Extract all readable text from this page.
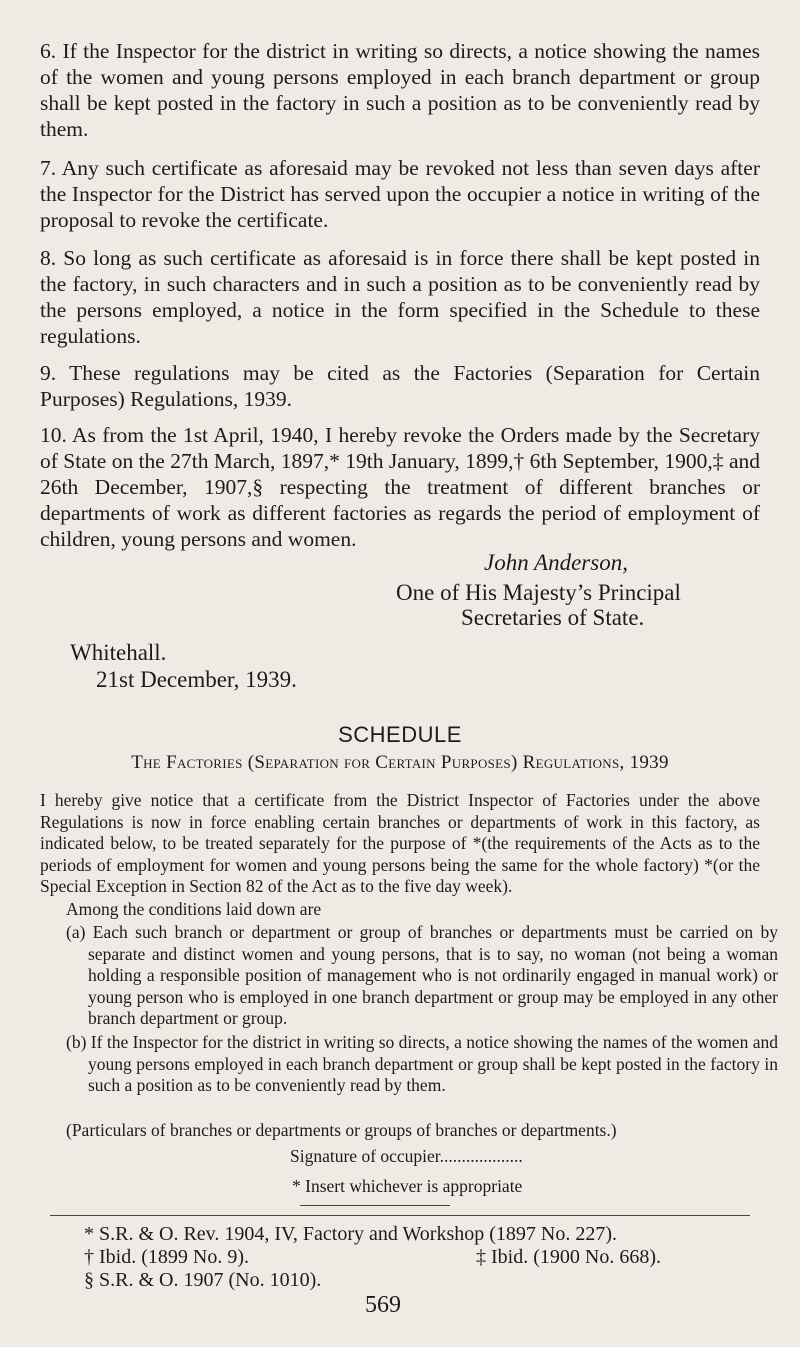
6. If the Inspector for the district in writing so directs, a notice showing the names of the women and young persons employed in each branch department or group shall be kept posted in the factory in such a position as to be conveniently read by them.

7. Any such certificate as aforesaid may be revoked not less than seven days after the Inspector for the District has served upon the occupier a notice in writing of the proposal to revoke the certificate.

8. So long as such certificate as aforesaid is in force there shall be kept posted in the factory, in such characters and in such a position as to be conveniently read by the persons employed, a notice in the form specified in the Schedule to these regulations.

9. These regulations may be cited as the Factories (Separation for Certain Purposes) Regulations, 1939.

10. As from the 1st April, 1940, I hereby revoke the Orders made by the Secretary of State on the 27th March, 1897,* 19th January, 1899,† 6th September, 1900,‡ and 26th December, 1907,§ respecting the treatment of different branches or departments of work as different factories as regards the period of employment of children, young persons and women.

John Anderson,
One of His Majesty’s Principal
Secretaries of State.
Whitehall.
21st December, 1939.
SCHEDULE
The Factories (Separation for Certain Purposes) Regulations, 1939

I hereby give notice that a certificate from the District Inspector of Factories under the above Regulations is now in force enabling certain branches or departments of work in this factory, as indicated below, to be treated separately for the purpose of *(the requirements of the Acts as to the periods of employment for women and young persons being the same for the whole factory) *(or the Special Exception in Section 82 of the Act as to the five day week).

Among the conditions laid down are

(a) Each such branch or department or group of branches or departments must be carried on by separate and distinct women and young persons, that is to say, no woman (not being a woman holding a responsible position of management who is not ordinarily engaged in manual work) or young person who is employed in one branch department or group may be employed in any other branch department or group.

(b) If the Inspector for the district in writing so directs, a notice showing the names of the women and young persons employed in each branch department or group shall be kept posted in the factory in such a position as to be conveniently read by them.

(Particulars of branches or departments or groups of branches or departments.)

Signature of occupier...................

* Insert whichever is appropriate

* S.R. & O. Rev. 1904, IV, Factory and Workshop (1897 No. 227).
† Ibid. (1899 No. 9).	‡ Ibid. (1900 No. 668).
§ S.R. & O. 1907 (No. 1010).
569
